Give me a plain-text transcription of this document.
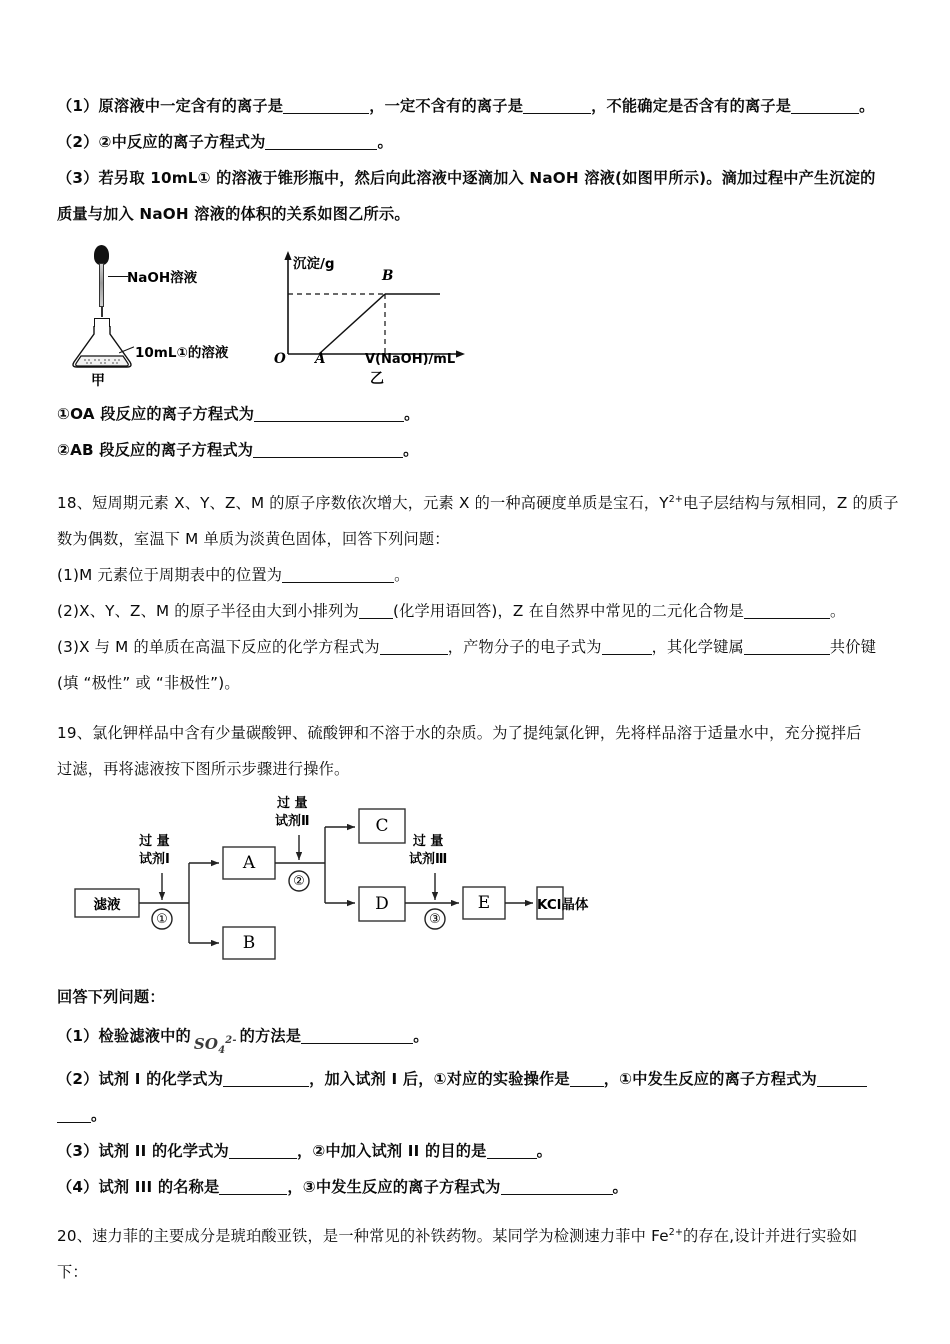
（1）原溶液中一定含有的离子是	，一定不含有的离子是	，不能确定是否含有的离子是	。
（2）②中反应的离子方程式为	。
（3）若另取 10mL① 的溶液于锥形瓶中，然后向此溶液中逐滴加入 NaOH 溶液(如图甲所示)。滴加过程中产生沉淀的
质量与加入 NaOH 溶液的体积的关系如图乙所示。
NaOH溶液
10mL①的溶液
甲
沉淀/g
O A
B
V(NaOH)/mL
乙
①OA 段反应的离子方程式为	。
②AB 段反应的离子方程式为	。
18、短周期元素 X、Y、Z、M 的原子序数依次增大，元素 X 的一种高硬度单质是宝石，$Y^{2+}$电子层结构与氖相同，Z 的质子
数为偶数，室温下 M 单质为淡黄色固体，回答下列问题：
(1)M 元素位于周期表中的位置为	。
(2)X、Y、Z、M 的原子半径由大到小排列为 (化学用语回答)，Z 在自然界中常见的二元化合物是	。
(3)X 与 M 的单质在高温下反应的化学方程式为	，产物分子的电子式为	，其化学键属	共价键
(填 “极性” 或 “非极性”)。
19、氯化钾样品中含有少量碳酸钾、硫酸钾和不溶于水的杂质。为了提纯氯化钾，先将样品溶于适量水中，充分搅拌后
过滤，再将滤液按下图所示步骤进行操作。
滤液
A
B
C
D	E	KCl晶体
过 量
试剂Ⅰ
过 量
试剂Ⅱ
过 量
试剂Ⅲ
①
②
③
回答下列问题：
（1）检验滤液中的 $SO_4^{2-}$ 的方法是	。
（2）试剂 I 的化学式为	，加入试剂 I 后，①对应的实验操作是 ，①中发生反应的离子方程式为
。
（3）试剂 II 的化学式为	，②中加入试剂 II 的目的是	。
（4）试剂 III 的名称是	，③中发生反应的离子方程式为	。
20、速力菲的主要成分是琥珀酸亚铁，是一种常见的补铁药物。某同学为检测速力菲中 $Fe^{2+}$的存在,设计并进行实验如
下：
